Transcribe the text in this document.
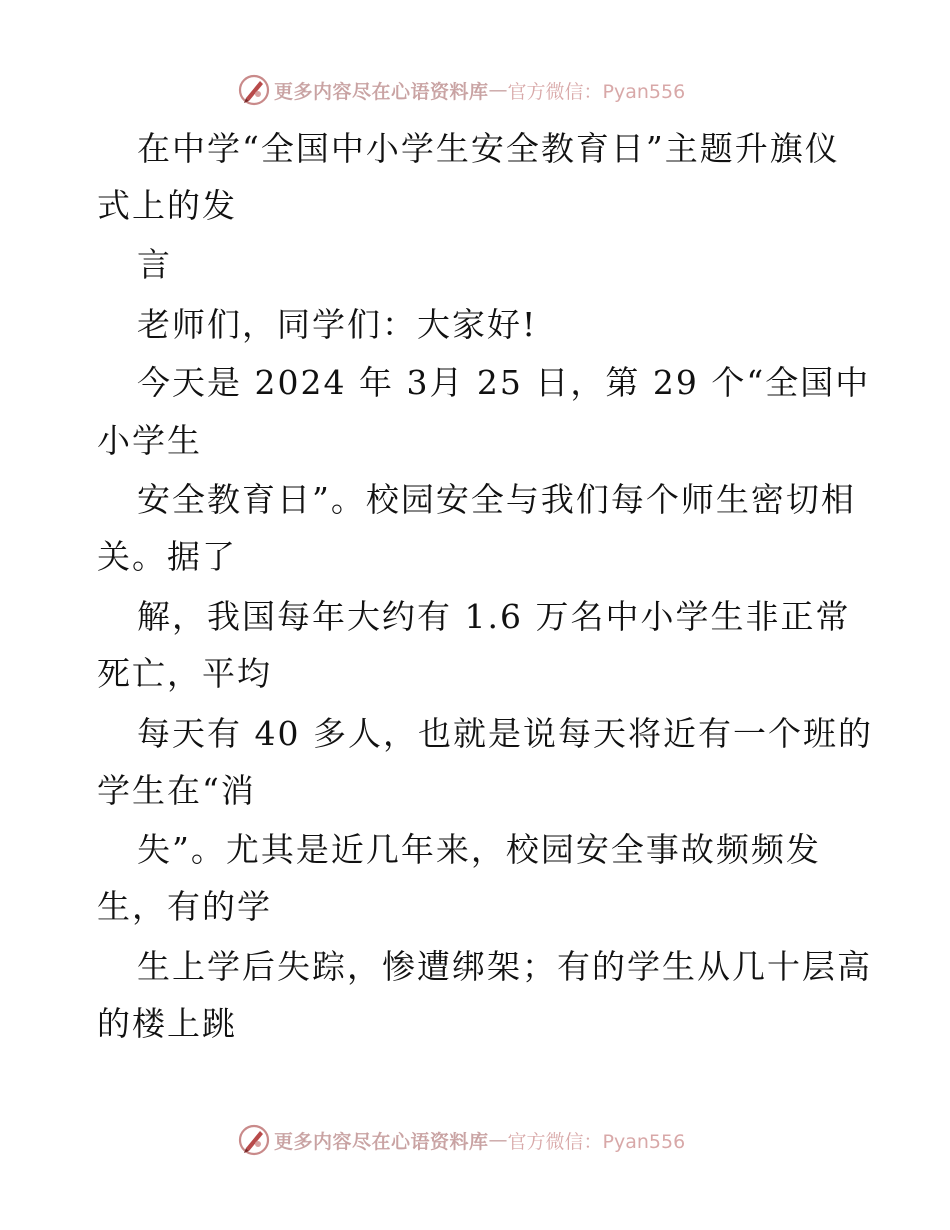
更多内容尽在心语资料库 — 官方微信：Pyan556
在中学“全国中小学生安全教育日”主题升旗仪
式上的发
言
老师们，同学们：大家好!
今天是 2024 年 3月 25 日，第 29 个“全国中
小学生
安全教育日”。校园安全与我们每个师生密切相
关。据了
解，我国每年大约有 1.6 万名中小学生非正常
死亡，平均
每天有 40 多人，也就是说每天将近有一个班的
学生在“消
失”。尤其是近几年来，校园安全事故频频发
生，有的学
生上学后失踪，惨遭绑架；有的学生从几十层高
的楼上跳
更多内容尽在心语资料库 — 官方微信：Pyan556
